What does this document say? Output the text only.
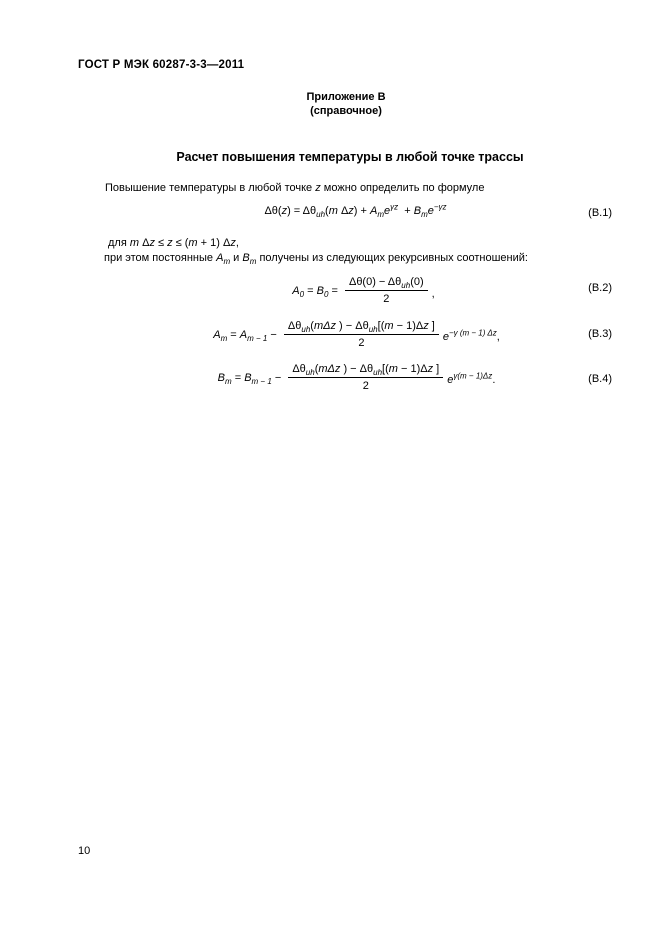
ГОСТ Р МЭК 60287-3-3—2011
Приложение В
(справочное)
Расчет повышения температуры в любой точке трассы

Повышение температуры в любой точке z можно определить по формуле

$\Delta\theta(z) = \Delta\theta_{uh}(m$ $\Delta z) + A_me^{\gamma z} + B_me^{-\gamma z}$
(В.1)

для m Δz ≤ z ≤ (m + 1) Δz,

при этом постоянные $A_m$ и $B_m$ получены из следующих рекурсивных соотношений:

$A_0 = B_0 = \frac{\Delta\theta(0) - \Delta\theta_{uh}(0)}{2}$ ,	(В.2)
$A_m = A_{m - 1} - \frac{\Delta\theta_{uh}(m\Delta z ) - \Delta\theta_{uh}[(m - 1)\Delta z ]}{2} e^{-\gamma (m - 1) \Delta z}$,	(В.3)
$B_m = B_{m - 1} - \frac{\Delta\theta_{uh}(m\Delta z ) - \Delta\theta_{uh}[(m - 1)\Delta z ]}{2} e^{\gamma(m - 1)\Delta z}$.	(В.4)
10
